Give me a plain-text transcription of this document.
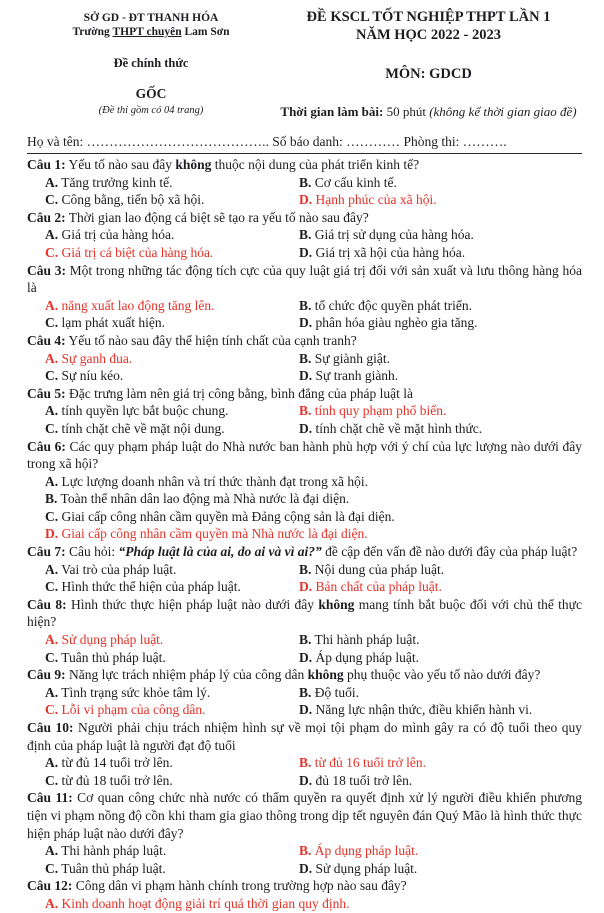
SỞ GD - ĐT THANH HÓA
Trường THPT chuyên Lam Sơn
Đề chính thức
GỐC
(Đề thi gồm có 04 trang)
ĐỀ KSCL TỐT NGHIỆP THPT LẦN 1
NĂM HỌC 2022 - 2023
MÔN: GDCD
Thời gian làm bài: 50 phút (không kể thời gian giao đề)
Họ và tên: ………………………………….. Số báo danh: ………… Phòng thi: ……….

Câu 1: Yếu tố nào sau đây không thuộc nội dung của phát triển kinh tế?

A. Tăng trưởng kinh tế.	B. Cơ cấu kinh tế.
C. Công bằng, tiến bộ xã hội.	D. Hạnh phúc của xã hội.

Câu 2: Thời gian lao động cá biệt sẽ tạo ra yếu tố nào sau đây?

A. Giá trị của hàng hóa.	B. Giá trị sử dụng của hàng hóa.
C. Giá trị cá biệt của hàng hóa.	D. Giá trị xã hội của hàng hóa.

Câu 3: Một trong những tác động tích cực của quy luật giá trị đối với sản xuất và lưu thông hàng hóa là

A. năng xuất lao động tăng lên.	B. tổ chức độc quyền phát triển.
C. lạm phát xuất hiện.	D. phân hóa giàu nghèo gia tăng.

Câu 4: Yếu tố nào sau đây thể hiện tính chất của cạnh tranh?

A. Sự ganh đua.	B. Sự giành giật.
C. Sự níu kéo.	D. Sự tranh giành.

Câu 5: Đặc trưng làm nên giá trị công bằng, bình đẳng của pháp luật là

A. tính quyền lực bắt buộc chung.	B. tính quy phạm phổ biến.
C. tính chặt chẽ về mặt nội dung.	D. tính chặt chẽ về mặt hình thức.

Câu 6: Các quy phạm pháp luật do Nhà nước ban hành phù hợp với ý chí của lực lượng nào dưới đây trong xã hội?

A. Lực lượng doanh nhân và trí thức thành đạt trong xã hội.
B. Toàn thể nhân dân lao động mà Nhà nước là đại diện.
C. Giai cấp công nhân cầm quyền mà Đảng cộng sản là đại diện.
D. Giai cấp công nhân cầm quyền mà Nhà nước là đại diện.

Câu 7: Câu hỏi: “Pháp luật là của ai, do ai và vì ai?” đề cập đến vấn đề nào dưới đây của pháp luật?

A. Vai trò của pháp luật.	B. Nội dung của pháp luật.
C. Hình thức thể hiện của pháp luật.	D. Bản chất của pháp luật.

Câu 8: Hình thức thực hiện pháp luật nào dưới đây không mang tính bắt buộc đối với chủ thể thực hiện?

A. Sử dụng pháp luật.	B. Thi hành pháp luật.
C. Tuân thủ pháp luật.	D. Áp dụng pháp luật.

Câu 9: Năng lực trách nhiệm pháp lý của công dân không phụ thuộc vào yếu tố nào dưới đây?

A. Tình trạng sức khỏe tâm lý.	B. Độ tuổi.
C. Lỗi vi phạm của công dân.	D. Năng lực nhận thức, điều khiển hành vi.

Câu 10: Người phải chịu trách nhiệm hình sự về mọi tội phạm do mình gây ra có độ tuổi theo quy định của pháp luật là người đạt độ tuổi

A. từ đủ 14 tuổi trở lên.	B. từ đủ 16 tuổi trở lên.
C. từ đủ 18 tuổi trở lên.	D. đủ 18 tuổi trở lên.

Câu 11: Cơ quan công chức nhà nước có thẩm quyền ra quyết định xử lý người điều khiển phương tiện vi phạm nồng độ cồn khi tham gia giao thông trong dịp tết nguyên đán Quý Mão là hình thức thực hiện pháp luật nào dưới đây?

A. Thi hành pháp luật.	B. Áp dụng pháp luật.
C. Tuân thủ pháp luật.	D. Sử dụng pháp luật.

Câu 12: Công dân vi phạm hành chính trong trường hợp nào sau đây?

A. Kinh doanh hoạt động giải trí quá thời gian quy định.
